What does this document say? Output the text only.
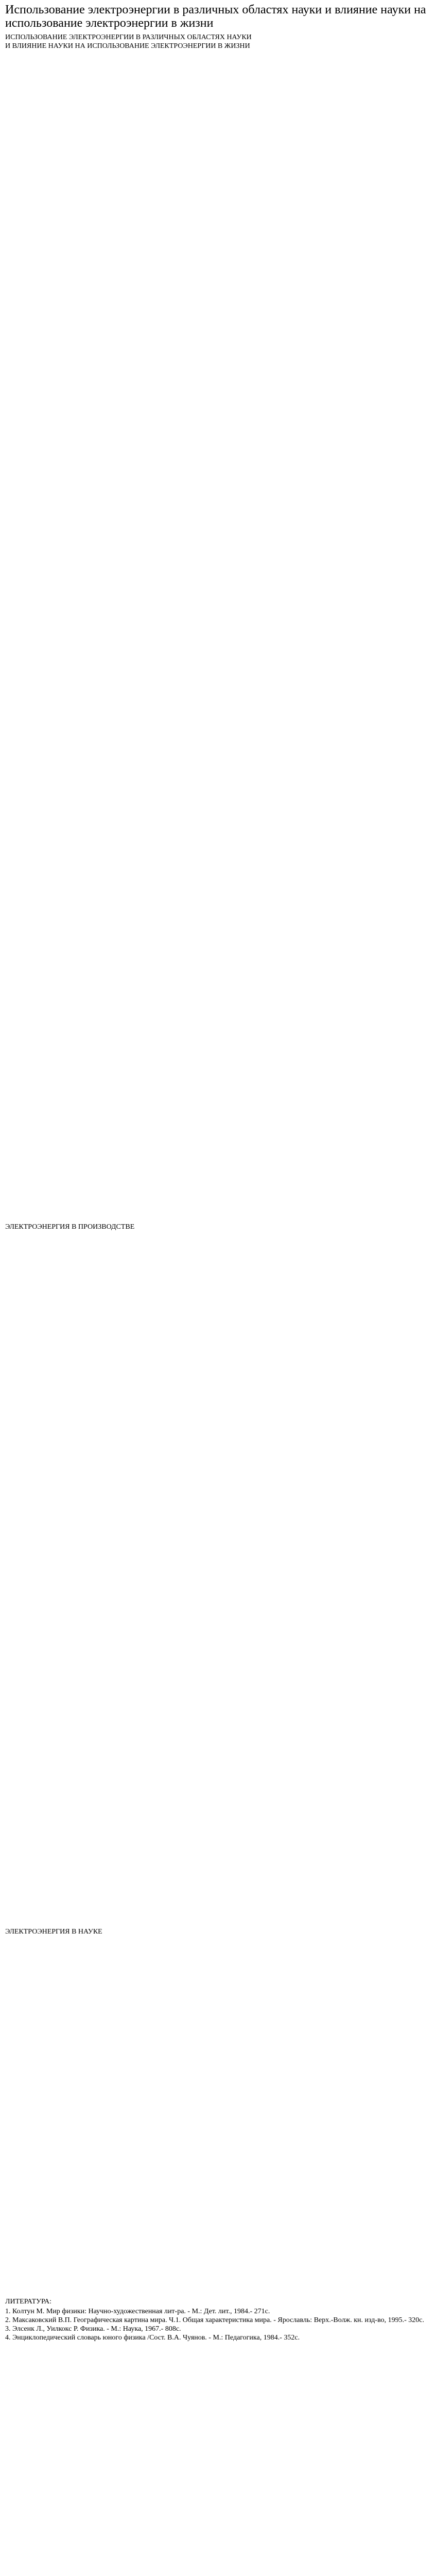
Использование электроэнергии в различных областях науки и влияние науки на использование электроэнергии в жизни

ИСПОЛЬЗОВАНИЕ ЭЛЕКТРОЭНЕРГИИ В РАЗЛИЧНЫХ ОБЛАСТЯХ НАУКИ

И ВЛИЯНИЕ НАУКИ НА ИСПОЛЬЗОВАНИЕ ЭЛЕКТРОЭНЕРГИИ В ЖИЗНИ

ЭЛЕКТРОЭНЕРГИЯ В ПРОИЗВОДСТВЕ

ЭЛЕКТРОЭНЕРГИЯ В НАУКЕ

ЛИТЕРАТУРА:

1. Колтун М. Мир физики: Научно-художественная лит-ра. - М.: Дет. лит., 1984.- 271с.

2. Максаковский В.П. Географическая картина мира. Ч.1. Общая характеристика мира. - Ярославль: Верх.-Волж. кн. изд-во, 1995.- 320с.

3. Элсенк Л., Уилкокс Р. Физика. - М.: Наука, 1967.- 808с.

4. Энциклопедический словарь юного физика /Сост. В.А. Чуянов. - М.: Педагогика, 1984.- 352с.
